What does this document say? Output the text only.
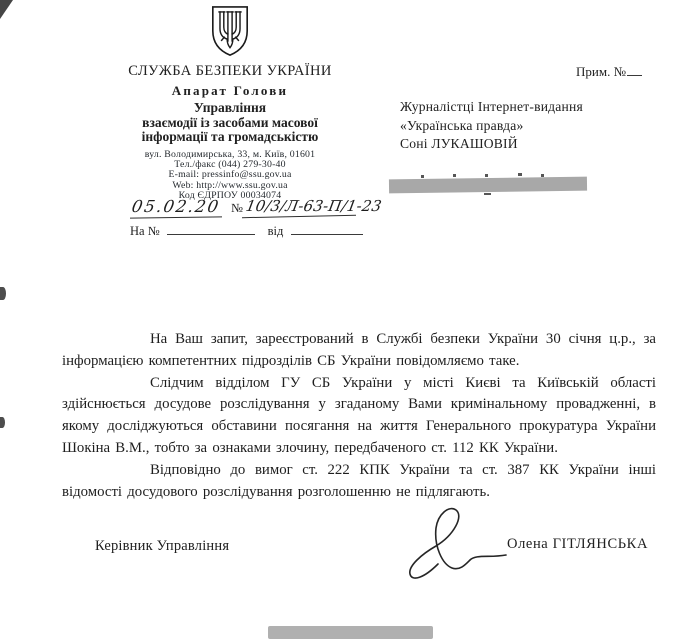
СЛУЖБА БЕЗПЕКИ УКРАЇНИ
Апарат Голови
Управління
взаємодії із засобами масової
інформації та громадськістю
вул. Володимирська, 33, м. Київ, 01601
Тел./факс (044) 279-30-40
E-mail: pressinfo@ssu.gov.ua
Web: http://www.ssu.gov.ua
Код ЄДРПОУ 00034074
05.02.20 № 10/3/Л-63-П/1-23
На №	від
Прим. №
Журналістці Інтернет-видання
«Українська правда»
Соні ЛУКАШОВІЙ

На Ваш запит, зареєстрований в Службі безпеки України 30 січня ц.р., за інформацією компетентних підрозділів СБ України повідомляємо таке.

Слідчим відділом ГУ СБ України у місті Києві та Київській області здійснюється досудове розслідування у згаданому Вами кримінальному провадженні, в якому досліджуються обставини посягання на життя Генерального прокуратура України Шокіна В.М., тобто за ознаками злочину, передбаченого ст. 112 КК України.

Відповідно до вимог ст. 222 КПК України та ст. 387 КК України інші відомості досудового розслідування розголошенню не підлягають.

Керівник Управління	Олена ГІТЛЯНСЬКА
